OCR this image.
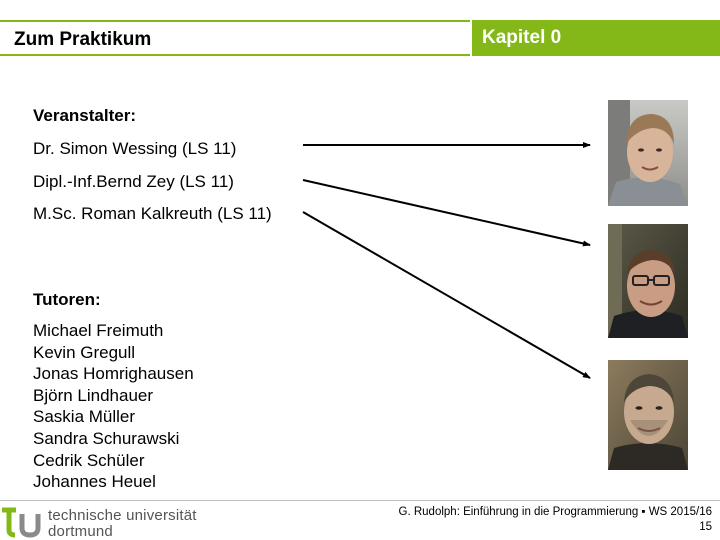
Zum Praktikum	Kapitel 0
Veranstalter:
Dr. Simon Wessing (LS 11)
Dipl.-Inf.Bernd Zey (LS 11)
M.Sc. Roman Kalkreuth (LS 11)
Tutoren:
Michael Freimuth
Kevin Gregull
Jonas Homrighausen
Björn Lindhauer
Saskia Müller
Sandra Schurawski
Cedrik Schüler
Johannes Heuel
technische universität
dortmund
G. Rudolph: Einführung in die Programmierung ▪ WS 2015/16
15
